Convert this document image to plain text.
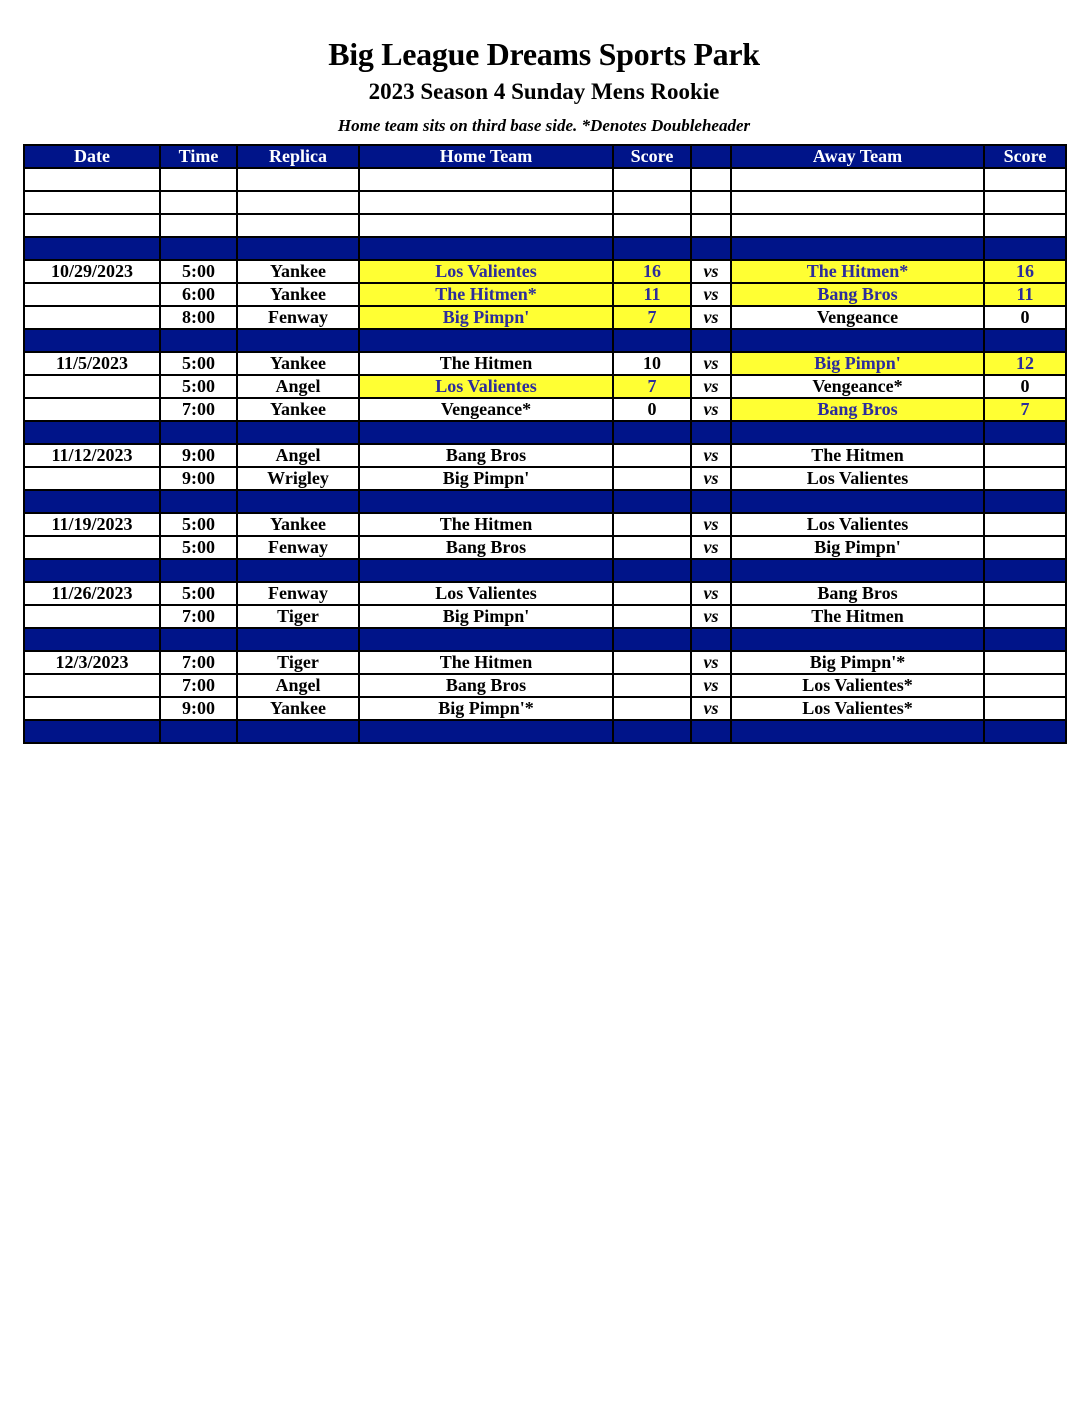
Big League Dreams Sports Park
2023 Season 4 Sunday Mens Rookie
Home team sits on third base side. *Denotes Doubleheader
Date	Time	Replica	Home Team	Score		Away Team	Score

10/29/2023	5:00	Yankee	Los Valientes	16	vs	The Hitmen*	16
	6:00	Yankee	The Hitmen*	11	vs	Bang Bros	11
	8:00	Fenway	Big Pimpn'	7	vs	Vengeance	0

11/5/2023	5:00	Yankee	The Hitmen	10	vs	Big Pimpn'	12
	5:00	Angel	Los Valientes	7	vs	Vengeance*	0
	7:00	Yankee	Vengeance*	0	vs	Bang Bros	7

11/12/2023	9:00	Angel	Bang Bros		vs	The Hitmen	
	9:00	Wrigley	Big Pimpn'		vs	Los Valientes	

11/19/2023	5:00	Yankee	The Hitmen		vs	Los Valientes	
	5:00	Fenway	Bang Bros		vs	Big Pimpn'	

11/26/2023	5:00	Fenway	Los Valientes		vs	Bang Bros	
	7:00	Tiger	Big Pimpn'		vs	The Hitmen	

12/3/2023	7:00	Tiger	The Hitmen		vs	Big Pimpn'*	
	7:00	Angel	Bang Bros		vs	Los Valientes*	
	9:00	Yankee	Big Pimpn'*		vs	Los Valientes*	
